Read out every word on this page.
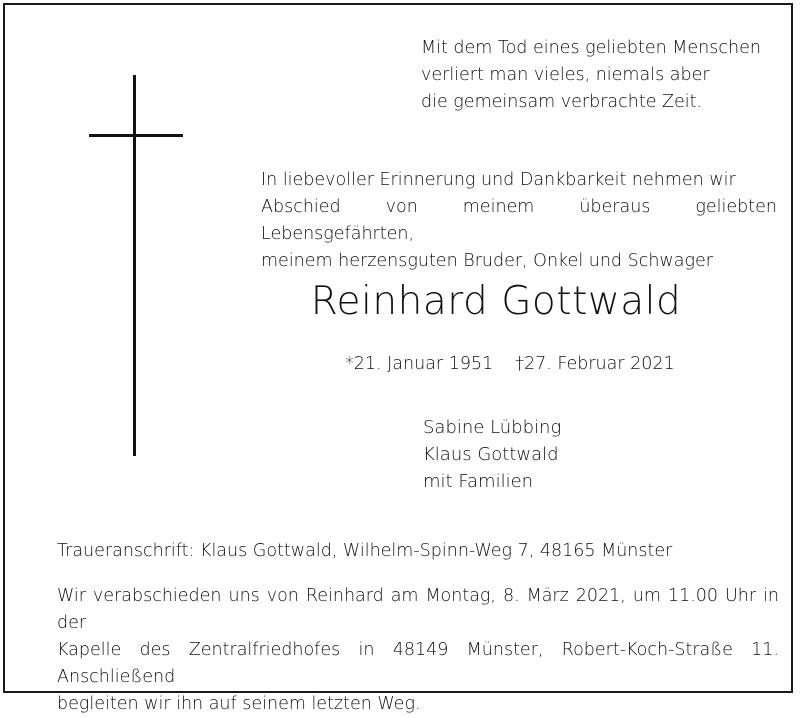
Mit dem Tod eines geliebten Menschen
verliert man vieles, niemals aber
die gemeinsam verbrachte Zeit.
In liebevoller Erinnerung und Dankbarkeit nehmen wir
Abschied von meinem überaus geliebten Lebensgefährten,
meinem herzensguten Bruder, Onkel und Schwager
Reinhard Gottwald
*21. Januar 1951 †27. Februar 2021
Sabine Lübbing
Klaus Gottwald
mit Familien
Traueranschrift: Klaus Gottwald, Wilhelm-Spinn-Weg 7, 48165 Münster
Wir verabschieden uns von Reinhard am Montag, 8. März 2021, um 11.00 Uhr in der
Kapelle des Zentralfriedhofes in 48149 Münster, Robert-Koch-Straße 11. Anschließend
begleiten wir ihn auf seinem letzten Weg.
